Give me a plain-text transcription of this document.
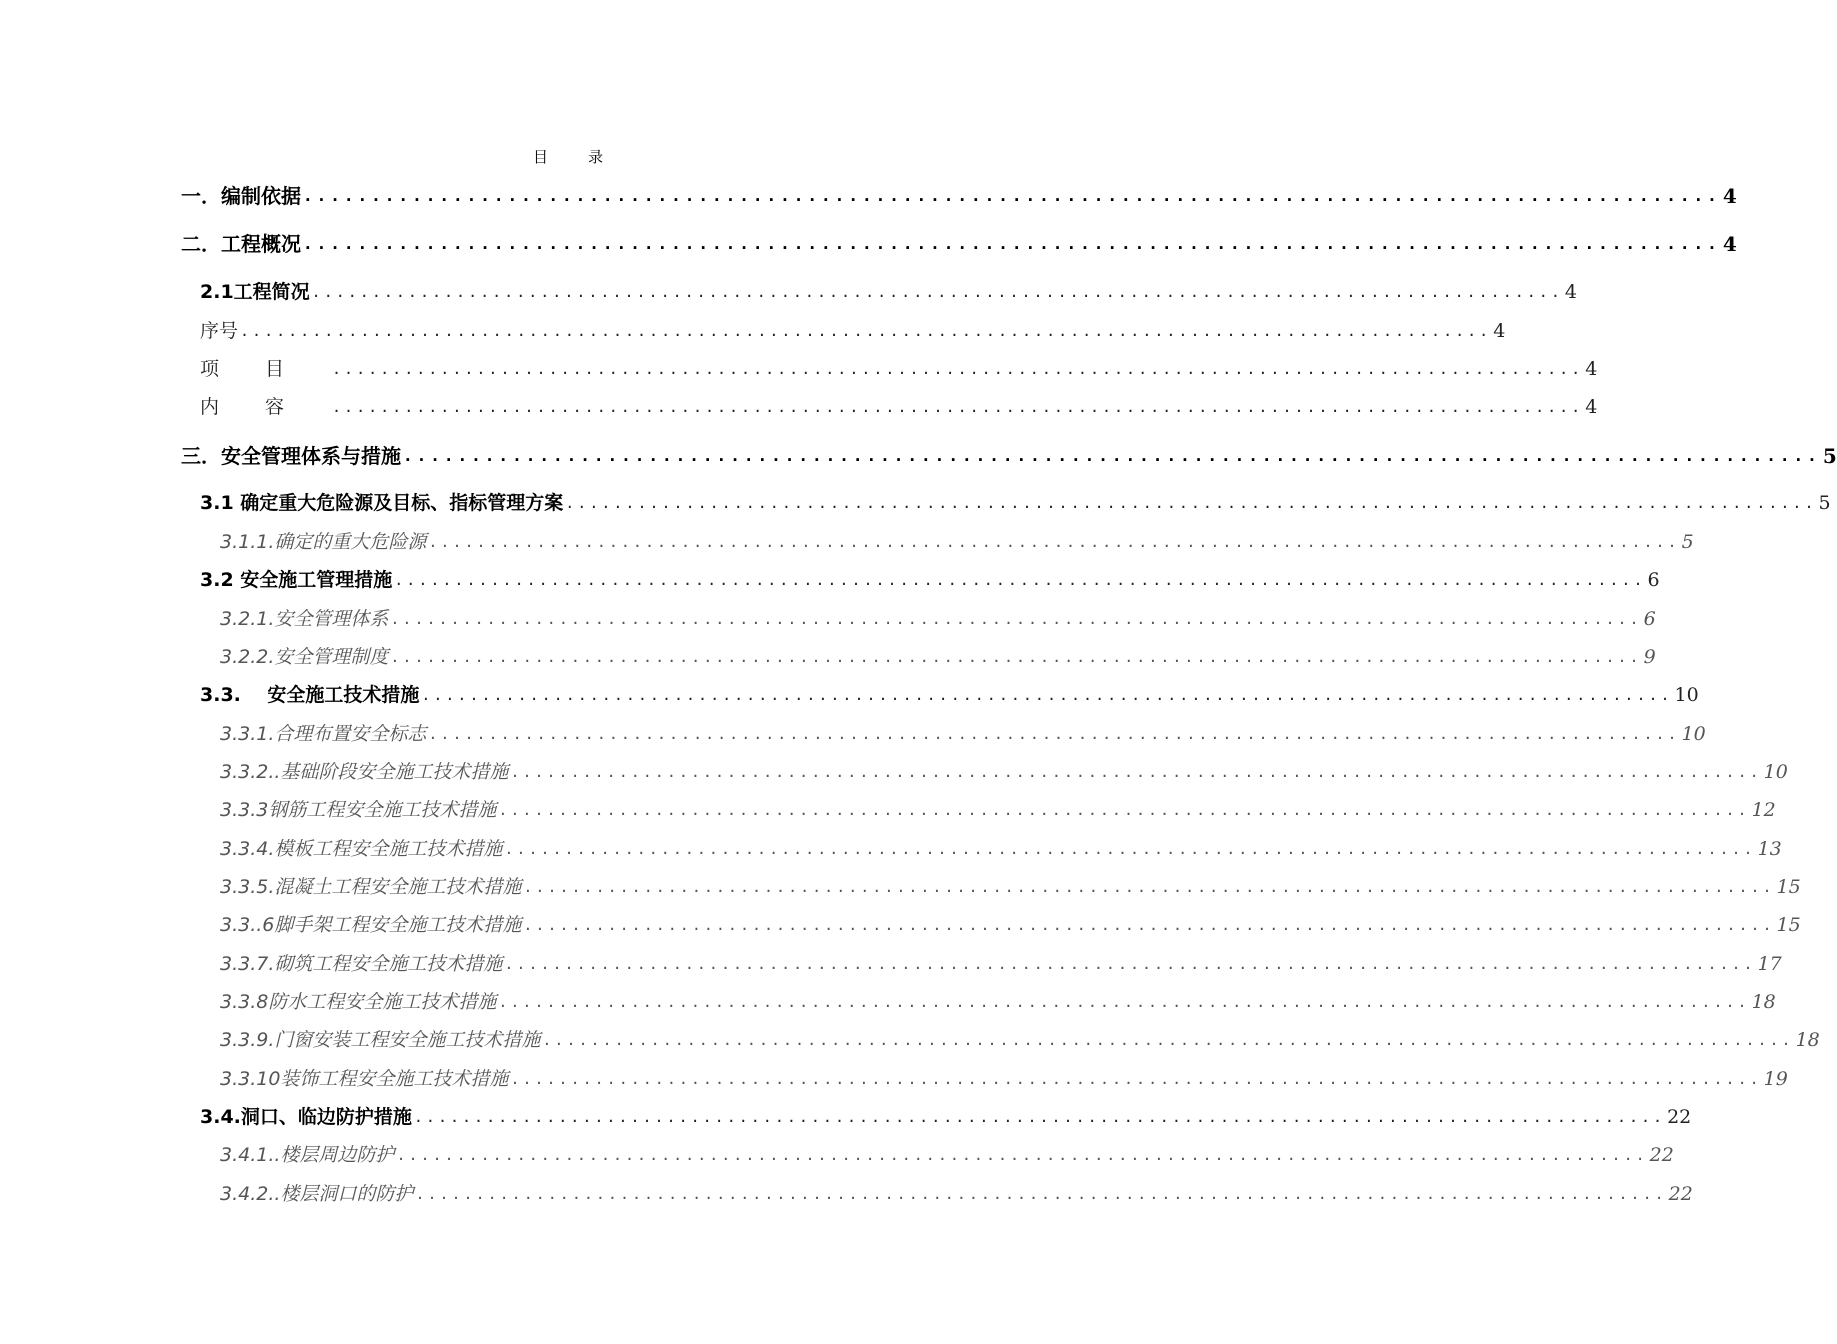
目录
一．编制依据 ........................................................................................................ 4
二．工程概况 ........................................................................................................ 4
2.1工程简况 ........................................................................................................ 4
序号 ........................................................................................................ 4
项目 ........................................................................................................ 4
内容 ........................................................................................................ 4
三．安全管理体系与措施 ........................................................................................................ 5
3.1 确定重大危险源及目标、指标管理方案 ........................................................................................................ 5
3.1.1.确定的重大危险源 ........................................................................................................ 5
3.2 安全施工管理措施 ........................................................................................................ 6
3.2.1.安全管理体系 ........................................................................................................ 6
3.2.2.安全管理制度 ........................................................................................................ 9
3.3.    安全施工技术措施 ........................................................................................................ 10
3.3.1.合理布置安全标志 ........................................................................................................ 10
3.3.2..基础阶段安全施工技术措施 ........................................................................................................ 10
3.3.3钢筋工程安全施工技术措施 ........................................................................................................ 12
3.3.4.模板工程安全施工技术措施 ........................................................................................................ 13
3.3.5.混凝土工程安全施工技术措施 ........................................................................................................ 15
3.3..6脚手架工程安全施工技术措施 ........................................................................................................ 15
3.3.7.砌筑工程安全施工技术措施 ........................................................................................................ 17
3.3.8防水工程安全施工技术措施 ........................................................................................................ 18
3.3.9.门窗安装工程安全施工技术措施 ........................................................................................................ 18
3.3.10装饰工程安全施工技术措施 ........................................................................................................ 19
3.4.洞口、临边防护措施 ........................................................................................................ 22
3.4.1..楼层周边防护 ........................................................................................................ 22
3.4.2..楼层洞口的防护 ........................................................................................................ 22
